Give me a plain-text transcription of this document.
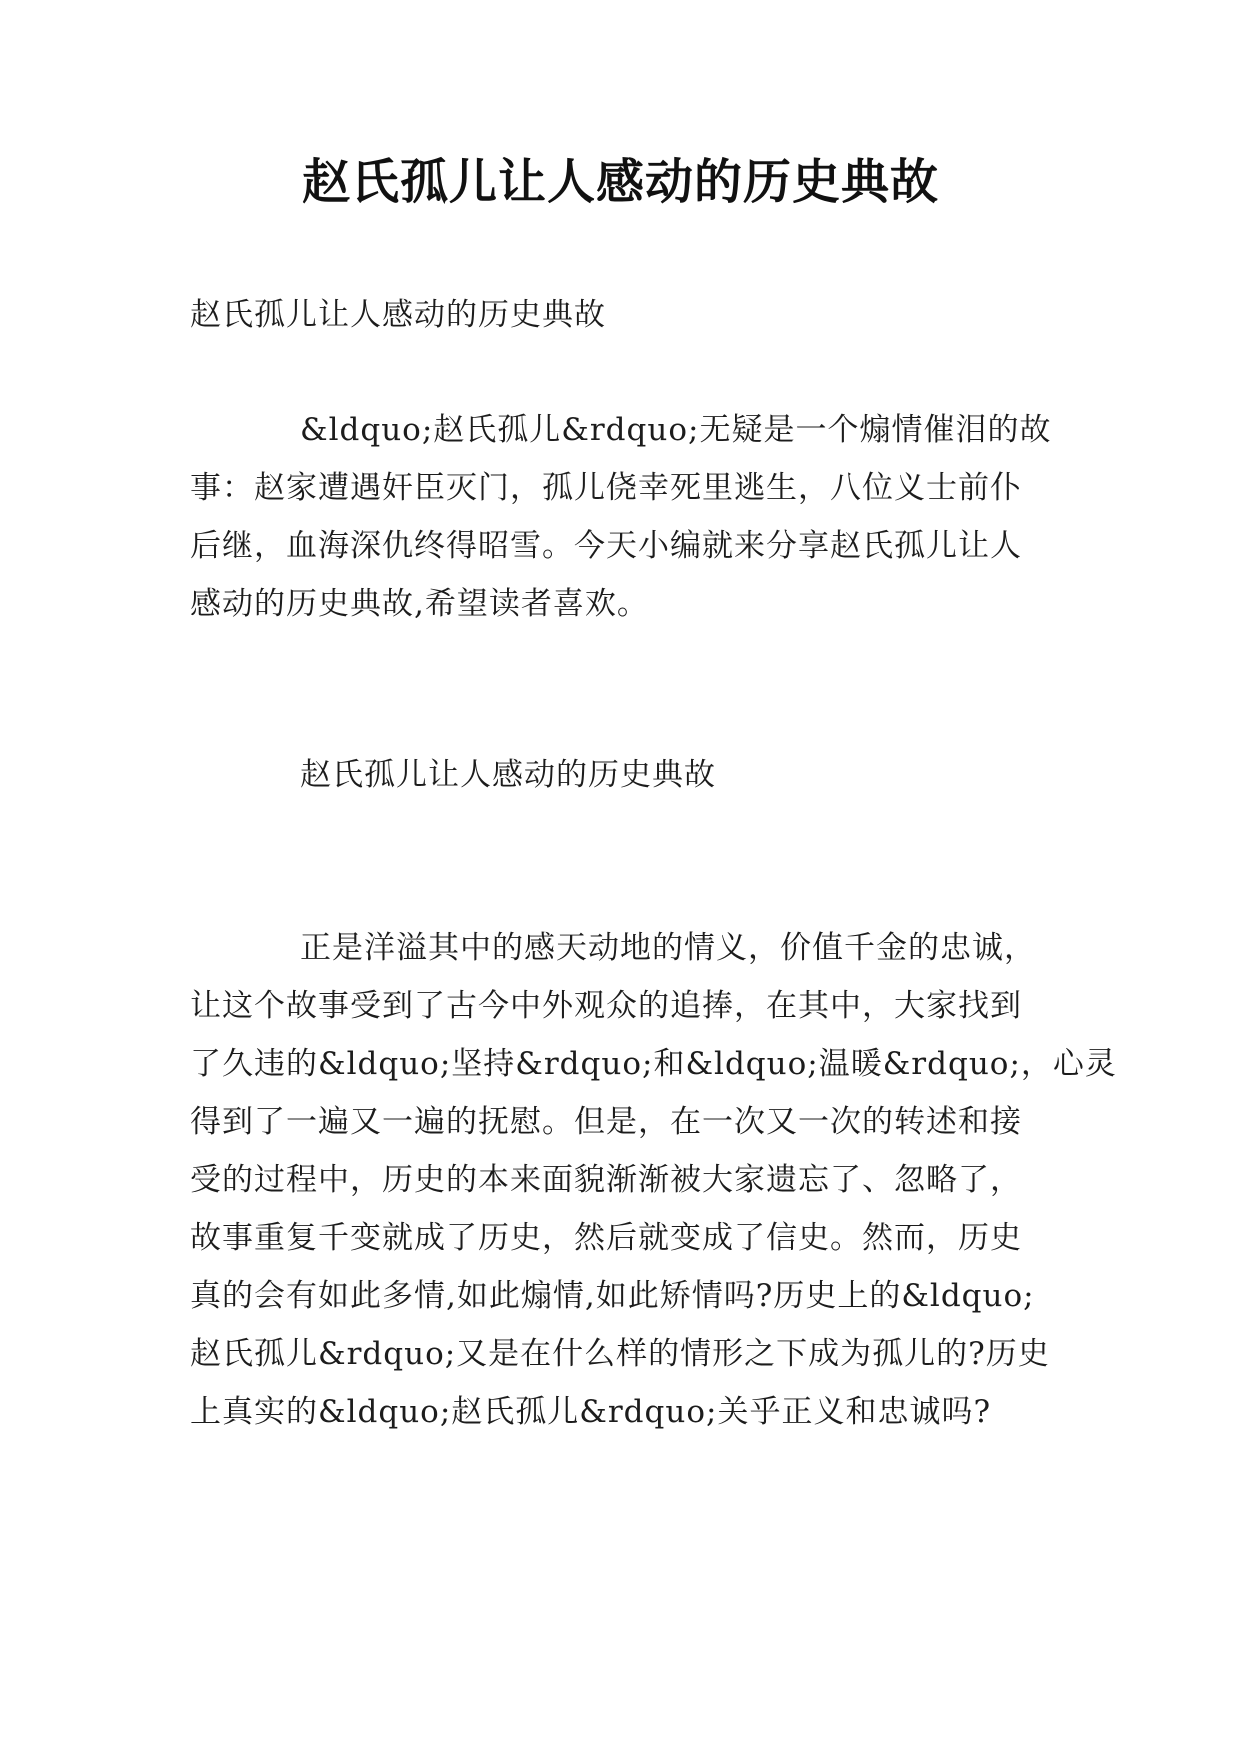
赵氏孤儿让人感动的历史典故

赵氏孤儿让人感动的历史典故

&ldquo;赵氏孤儿&rdquo;无疑是一个煽情催泪的故

事：赵家遭遇奸臣灭门，孤儿侥幸死里逃生，八位义士前仆

后继，血海深仇终得昭雪。今天小编就来分享赵氏孤儿让人

感动的历史典故,希望读者喜欢。

赵氏孤儿让人感动的历史典故

正是洋溢其中的感天动地的情义，价值千金的忠诚，

让这个故事受到了古今中外观众的追捧，在其中，大家找到

了久违的&ldquo;坚持&rdquo;和&ldquo;温暖&rdquo;，心灵

得到了一遍又一遍的抚慰。但是，在一次又一次的转述和接

受的过程中，历史的本来面貌渐渐被大家遗忘了、忽略了，

故事重复千变就成了历史，然后就变成了信史。然而，历史

真的会有如此多情,如此煽情,如此矫情吗?历史上的&ldquo;

赵氏孤儿&rdquo;又是在什么样的情形之下成为孤儿的?历史

上真实的&ldquo;赵氏孤儿&rdquo;关乎正义和忠诚吗?
